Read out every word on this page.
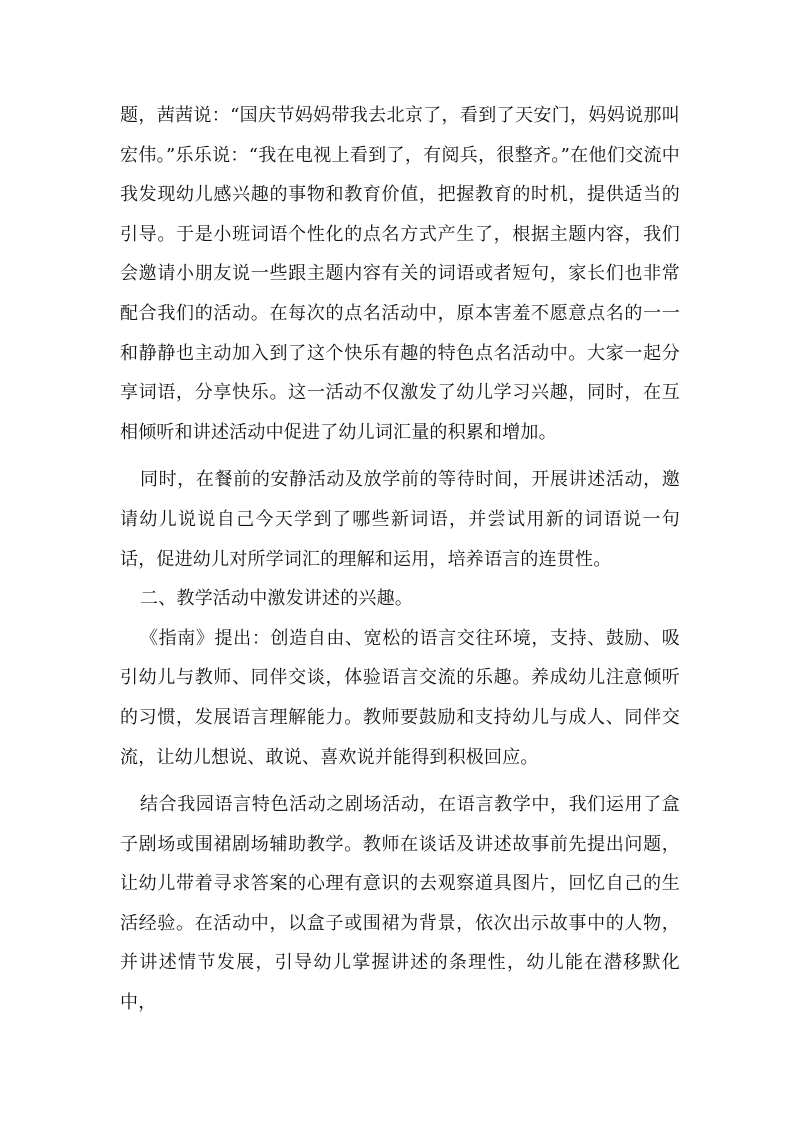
题，茜茜说：“国庆节妈妈带我去北京了，看到了天安门，妈妈说那叫宏伟。”乐乐说：“我在电视上看到了，有阅兵，很整齐。”在他们交流中我发现幼儿感兴趣的事物和教育价值，把握教育的时机，提供适当的引导。于是小班词语个性化的点名方式产生了，根据主题内容，我们会邀请小朋友说一些跟主题内容有关的词语或者短句，家长们也非常配合我们的活动。在每次的点名活动中，原本害羞不愿意点名的一一和静静也主动加入到了这个快乐有趣的特色点名活动中。大家一起分享词语，分享快乐。这一活动不仅激发了幼儿学习兴趣，同时，在互相倾听和讲述活动中促进了幼儿词汇量的积累和增加。

同时，在餐前的安静活动及放学前的等待时间，开展讲述活动，邀请幼儿说说自己今天学到了哪些新词语，并尝试用新的词语说一句话，促进幼儿对所学词汇的理解和运用，培养语言的连贯性。

二、教学活动中激发讲述的兴趣。

《指南》提出：创造自由、宽松的语言交往环境，支持、鼓励、吸引幼儿与教师、同伴交谈，体验语言交流的乐趣。养成幼儿注意倾听的习惯，发展语言理解能力。教师要鼓励和支持幼儿与成人、同伴交流，让幼儿想说、敢说、喜欢说并能得到积极回应。

结合我园语言特色活动之剧场活动，在语言教学中，我们运用了盒子剧场或围裙剧场辅助教学。教师在谈话及讲述故事前先提出问题，让幼儿带着寻求答案的心理有意识的去观察道具图片，回忆自己的生活经验。在活动中，以盒子或围裙为背景，依次出示故事中的人物，并讲述情节发展，引导幼儿掌握讲述的条理性，幼儿能在潜移默化中，
